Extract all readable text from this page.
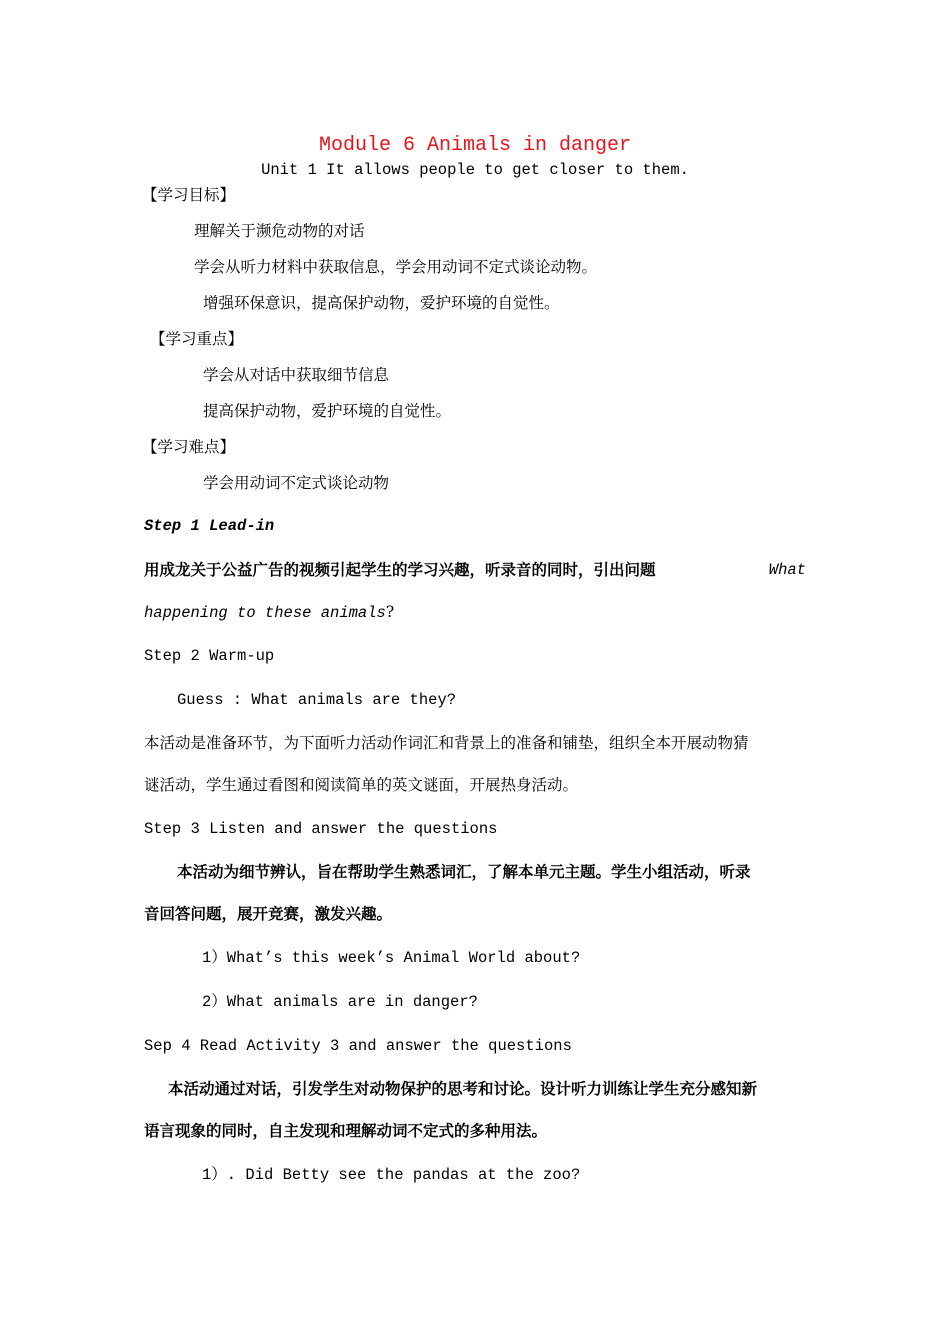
Module 6 Animals in danger
Unit 1 It allows people to get closer to them.
【学习目标】
理解关于濒危动物的对话
学会从听力材料中获取信息，学会用动词不定式谈论动物。
增强环保意识，提高保护动物，爱护环境的自觉性。
【学习重点】
学会从对话中获取细节信息
提高保护动物，爱护环境的自觉性。
【学习难点】
学会用动词不定式谈论动物
Step 1 Lead-in
用成龙关于公益广告的视频引起学生的学习兴趣，听录音的同时，引出问题	What
happening to these animals?
Step 2 Warm-up
Guess : What animals are they?
本活动是准备环节，为下面听力活动作词汇和背景上的准备和铺垫，组织全本开展动物猜
谜活动，学生通过看图和阅读简单的英文谜面，开展热身活动。
Step 3 Listen and answer the questions
本活动为细节辨认，旨在帮助学生熟悉词汇，了解本单元主题。学生小组活动，听录
音回答问题，展开竞赛，激发兴趣。
1）What’s this week’s Animal World about?
2）What animals are in danger?
Sep 4 Read Activity 3 and answer the questions
本活动通过对话，引发学生对动物保护的思考和讨论。设计听力训练让学生充分感知新
语言现象的同时，自主发现和理解动词不定式的多种用法。
1）. Did Betty see the pandas at the zoo?
